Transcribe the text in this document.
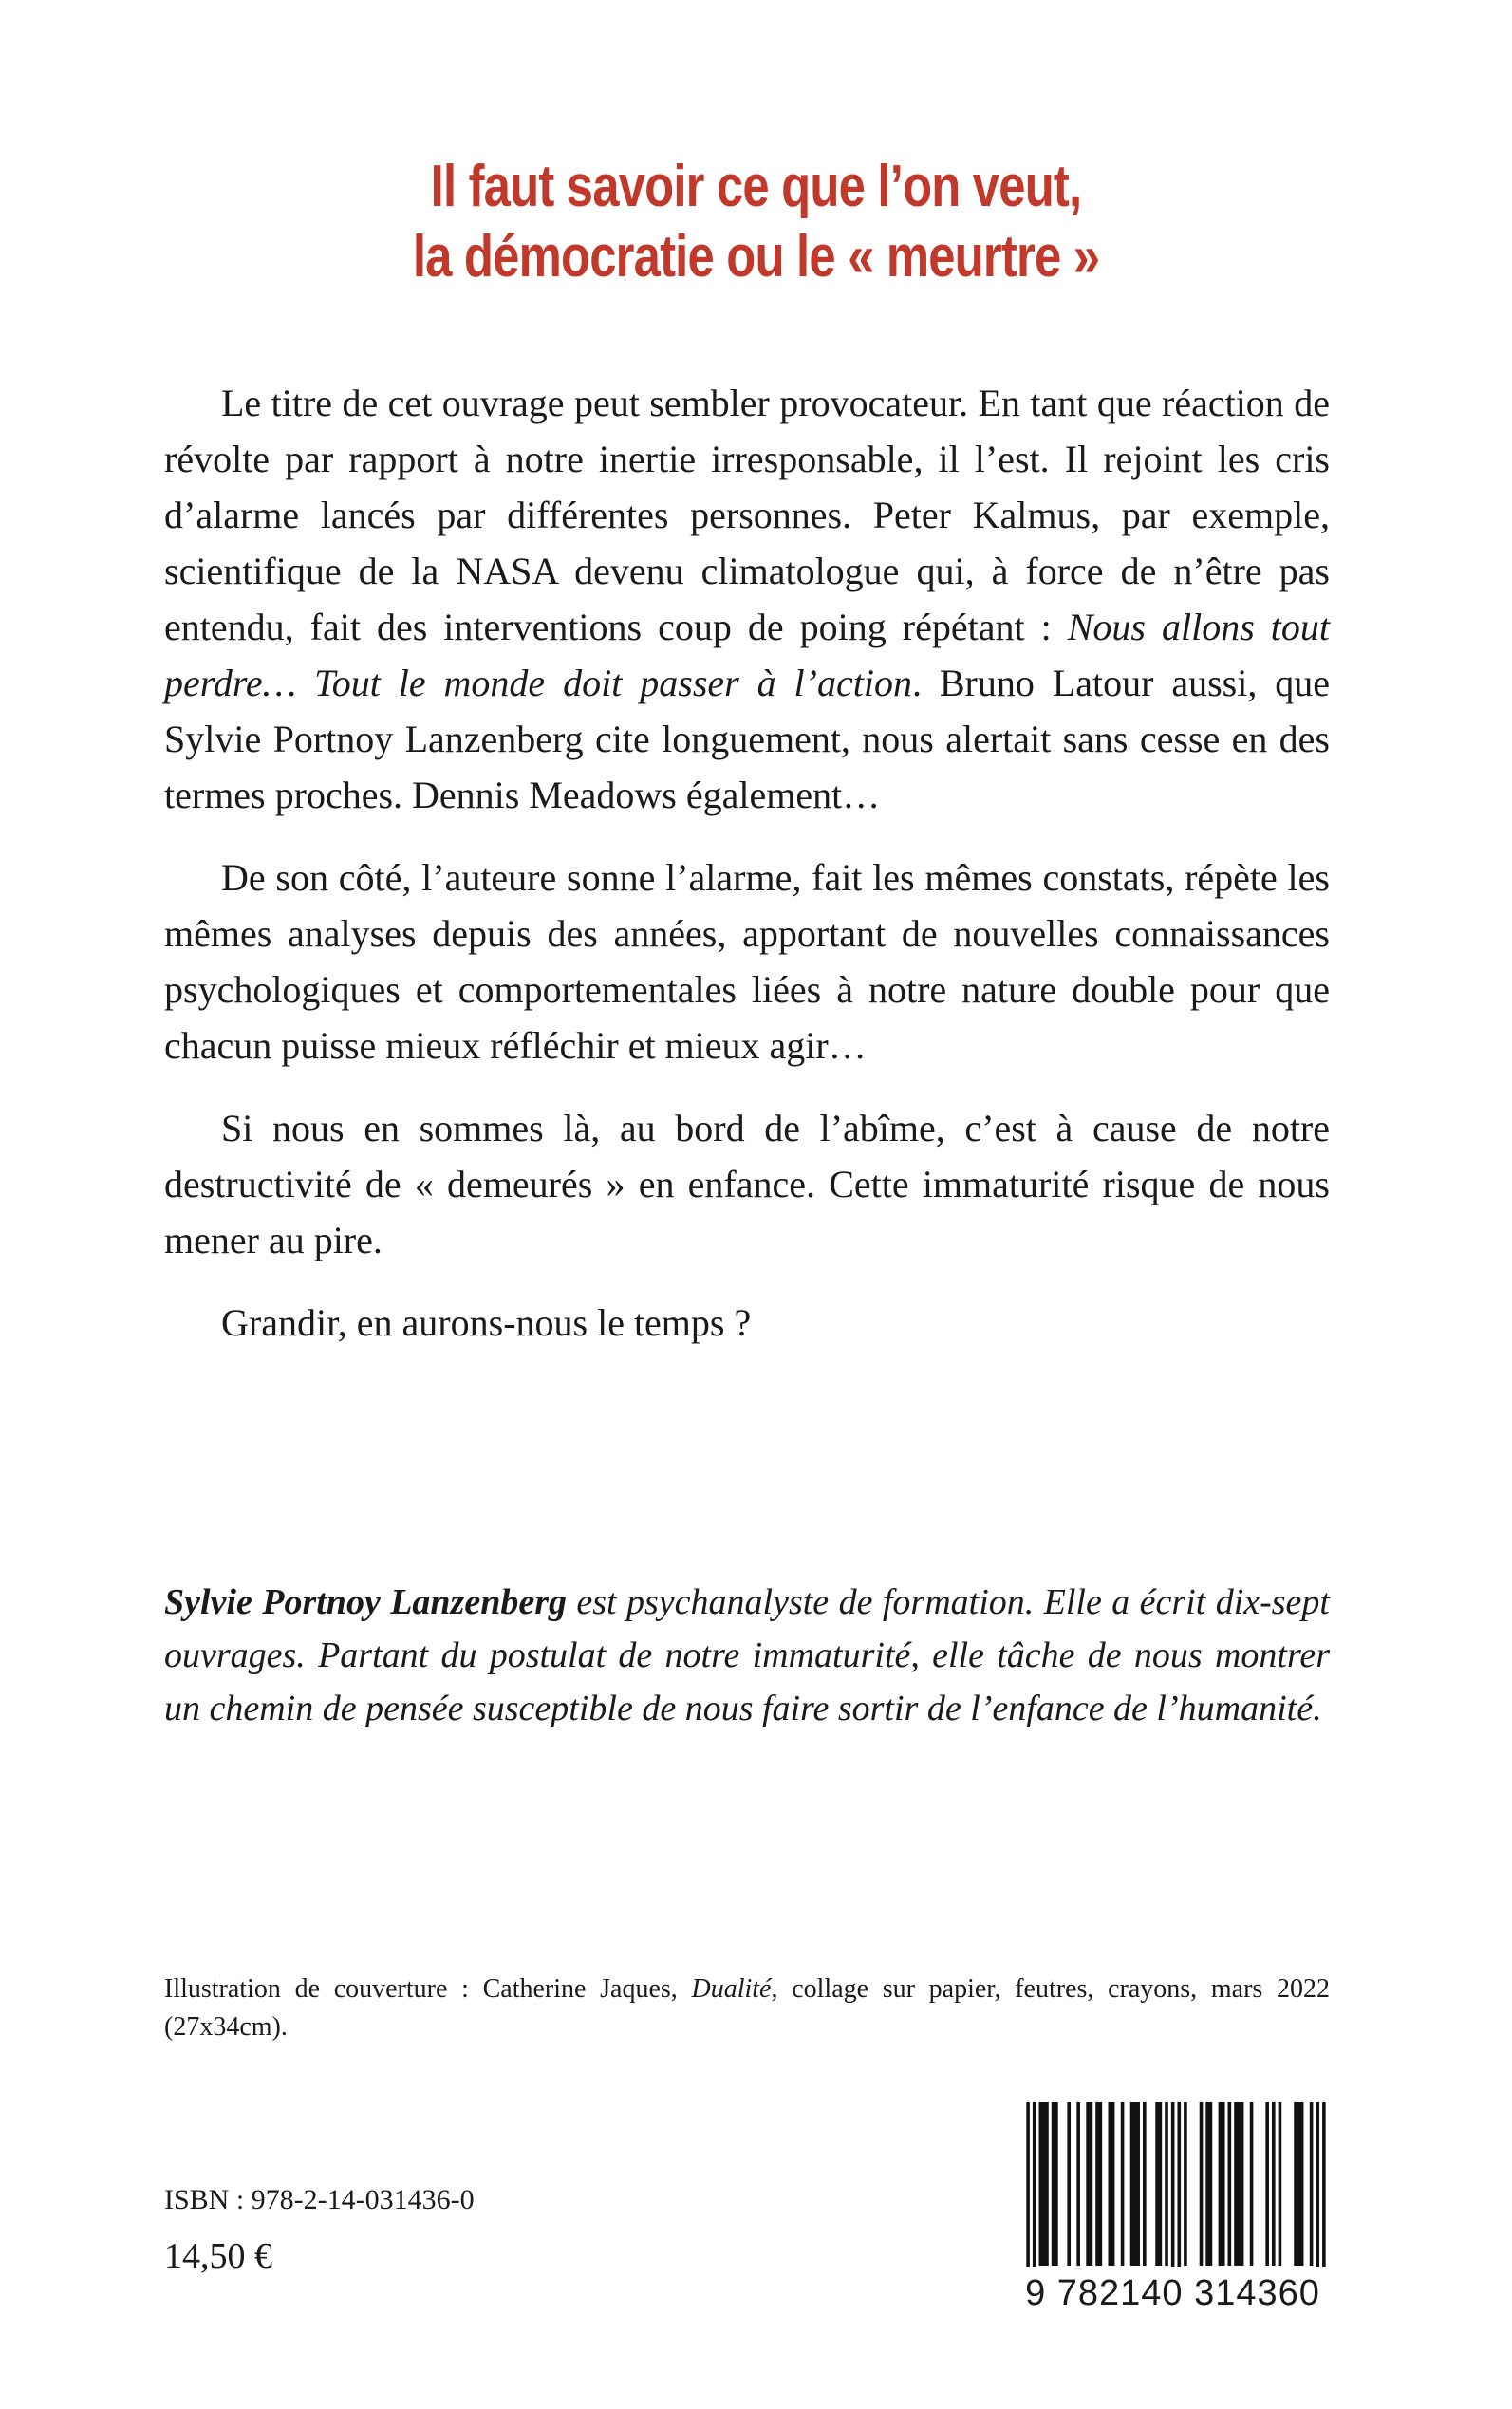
Il faut savoir ce que l’on veut,
la démocratie ou le « meurtre »

Le titre de cet ouvrage peut sembler provocateur. En tant que réaction de révolte par rapport à notre inertie irresponsable, il l’est. Il rejoint les cris d’alarme lancés par différentes personnes. Peter Kalmus, par exemple, scientifique de la NASA devenu climatologue qui, à force de n’être pas entendu, fait des interventions coup de poing répétant : Nous allons tout perdre… Tout le monde doit passer à l’action. Bruno Latour aussi, que Sylvie Portnoy Lanzenberg cite longuement, nous alertait sans cesse en des termes proches. Dennis Meadows également…

De son côté, l’auteure sonne l’alarme, fait les mêmes constats, répète les mêmes analyses depuis des années, apportant de nouvelles connaissances psychologiques et comportementales liées à notre nature double pour que chacun puisse mieux réfléchir et mieux agir…

Si nous en sommes là, au bord de l’abîme, c’est à cause de notre destructivité de « demeurés » en enfance. Cette immaturité risque de nous mener au pire.

Grandir, en aurons-nous le temps ?

Sylvie Portnoy Lanzenberg est psychanalyste de formation. Elle a écrit dix-sept ouvrages. Partant du postulat de notre immaturité, elle tâche de nous montrer un chemin de pensée susceptible de nous faire sortir de l’enfance de l’humanité.
Illustration de couverture : Catherine Jaques, Dualité, collage sur papier, feutres, crayons, mars 2022 (27x34cm).
ISBN : 978-2-14-031436-0
14,50 €
9 782140 314360
